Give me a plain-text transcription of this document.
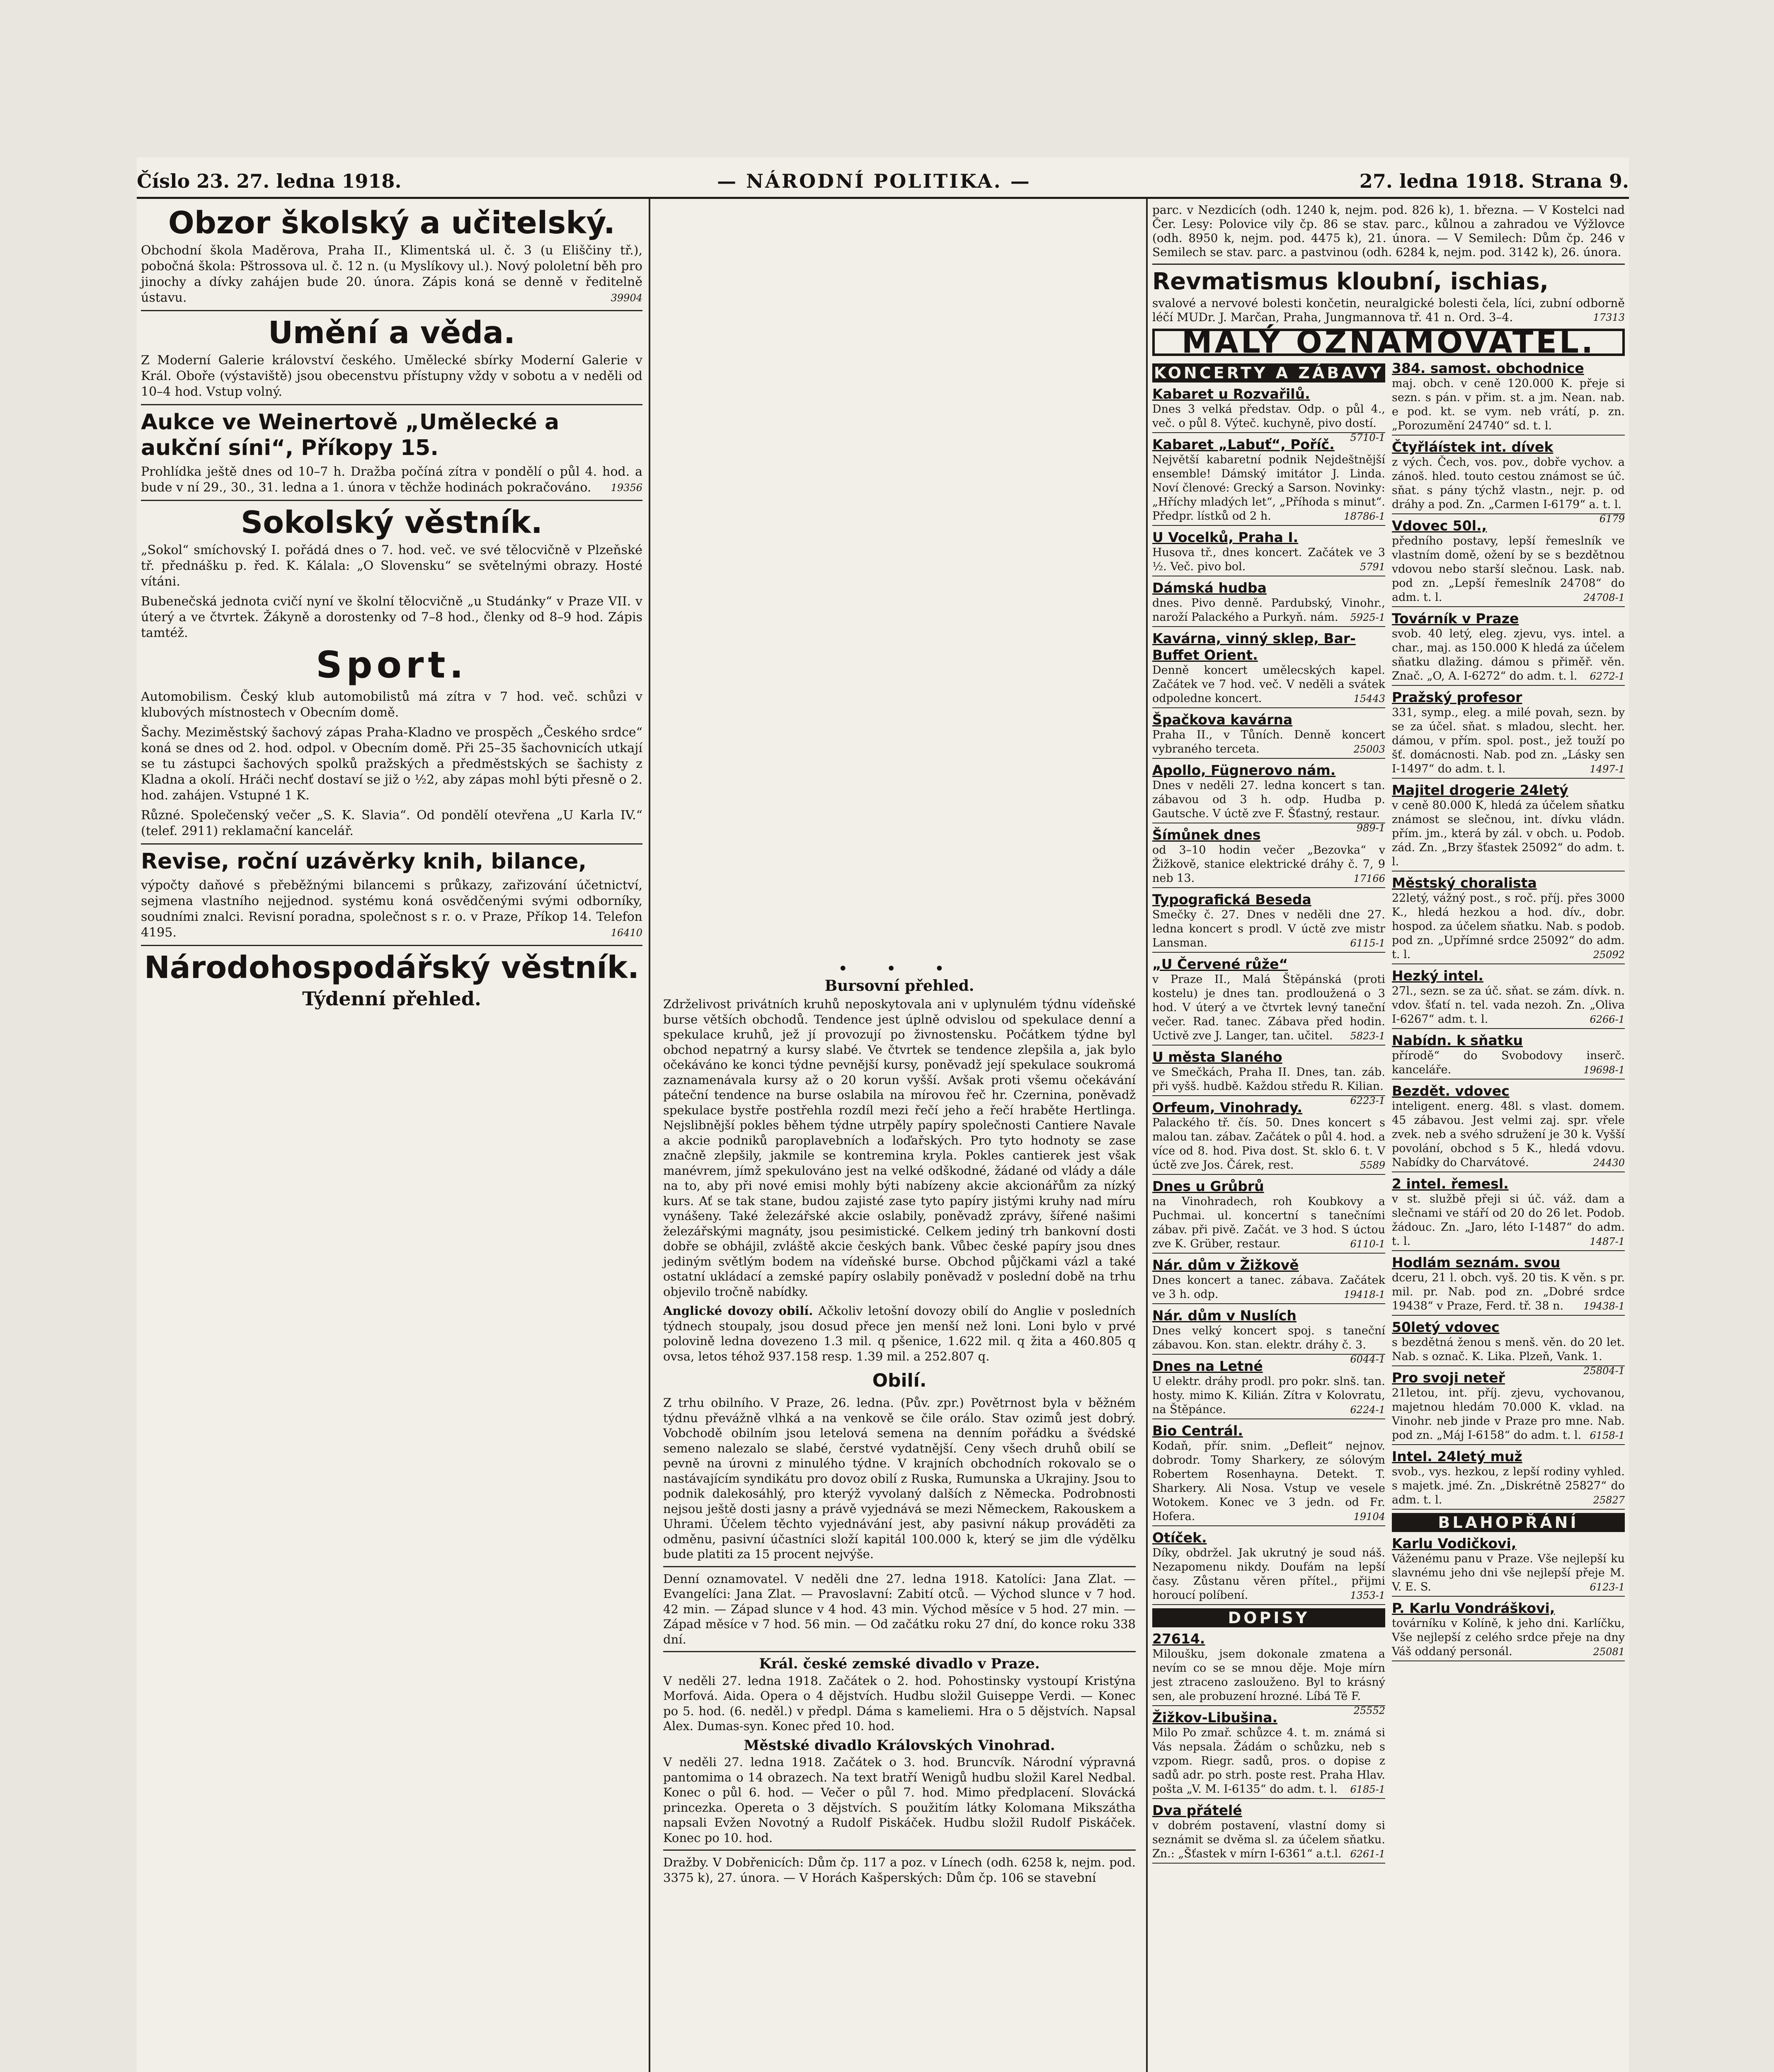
Číslo 23. 27. ledna 1918.	— NÁRODNÍ POLITIKA. —	27. ledna 1918. Strana 9.
Obzor školský a učitelský.

Obchodní škola Maděrova, Praha II., Klimentská ul. č. 3 (u Eliščiny tř.), pobočná škola: Pštrossova ul. č. 12 n. (u Myslíkovy ul.). Nový pololetní běh pro jinochy a dívky zahájen bude 20. února. Zápis koná se denně v ředitelně ústavu.	39904

Umění a věda.

Z Moderní Galerie království českého. Umělecké sbírky Moderní Galerie v Král. Oboře (výstaviště) jsou obecenstvu přístupny vždy v sobotu a v neděli od 10–4 hod. Vstup volný.

Aukce ve Weinertově „Umělecké a aukční síni“, Příkopy 15.

Prohlídka ještě dnes od 10–7 h. Dražba počíná zítra v pondělí o půl 4. hod. a bude v ní 29., 30., 31. ledna a 1. února v těchže hodinách pokračováno. 19356

Sokolský věstník.

„Sokol“ smíchovský I. pořádá dnes o 7. hod. več. ve své tělocvičně v Plzeňské tř. přednášku p. řed. K. Kálala: „O Slovensku“ se světelnými obrazy. Hosté vítáni.

Bubenečská jednota cvičí nyní ve školní tělocvičně „u Studánky“ v Praze VII. v úterý a ve čtvrtek. Žákyně a dorostenky od 7–8 hod., členky od 8–9 hod. Zápis tamtéž.

Sport.

Automobilism. Český klub automobilistů má zítra v 7 hod. več. schůzi v klubových místnostech v Obecním domě.

Šachy. Meziměstský šachový zápas Praha-Kladno ve prospěch „Českého srdce“ koná se dnes od 2. hod. odpol. v Obecním domě. Při 25–35 šachovnicích utkají se tu zástupci šachových spolků pražských a předměstských se šachisty z Kladna a okolí. Hráči nechť dostaví se již o ½2, aby zápas mohl býti přesně o 2. hod. zahájen. Vstupné 1 K.

Různé. Společenský večer „S. K. Slavia“. Od pondělí otevřena „U Karla IV.“ (telef. 2911) reklamační kancelář.

Revise, roční uzávěrky knih, bilance,

výpočty daňové s přeběžnými bilancemi s průkazy, zařizování účetnictví, sejmenа vlastního nejjednod. systému koná osvědčenými svými odborníky, soudními znalci. Revisní poradna, společnost s r. o. v Praze, Příkop 14. Telefon 4195.	16410

Národohospodářský věstník.
Týdenní přehled.
• • •
Bursovní přehled.

Zdrželivost privátních kruhů neposkytovala ani v uplynulém týdnu vídeňské burse větších obchodů. Tendence jest úplně odvislou od spekulace denní a spekulace kruhů, jež jí provozují po živnostensku. Počátkem týdne byl obchod nepatrný a kursy slabé. Ve čtvrtek se tendence zlepšila a, jak bylo očekáváno ke konci týdne pevnější kursy, poněvadž její spekulace soukromá zaznamenávala kursy až o 20 korun vyšší. Avšak proti všemu očekávání páteční tendence na burse oslabila na mírovou řeč hr. Czernina, poněvadž spekulace bystře postřehla rozdíl mezi řečí jeho a řečí hraběte Hertlinga. Nejslibnější pokles během týdne utrpěly papíry společnosti Cantiere Navale a akcie podniků paroplavebních a loďařských. Pro tyto hodnoty se zase značně zlepšily, jakmile se kontremina kryla. Pokles cantierek jest však manévrem, jímž spekulováno jest na velké odškodné, žádané od vlády a dále na to, aby při nové emisi mohly býti nabízeny akcie akcionářům za nízký kurs. Ať se tak stane, budou zajisté zase tyto papíry jistými kruhy nad míru vynášeny. Také železářské akcie oslabily, poněvadž zprávy, šířené našimi železářskými magnáty, jsou pesimistické. Celkem jediný trh bankovní dosti dobře se obhájil, zvláště akcie českých bank. Vůbec české papíry jsou dnes jediným světlým bodem na vídeňské burse. Obchod půjčkami vázl a také ostatní ukládací a zemské papíry oslabily poněvadž v poslední době na trhu objevilo tročně nabídky.

Anglické dovozy obilí. Ačkoliv letošní dovozy obilí do Anglie v posledních týdnech stoupaly, jsou dosud přece jen menší než loni. Loni bylo v prvé polovině ledna dovezeno 1.3 mil. q pšenice, 1.622 mil. q žita a 460.805 q ovsa, letos téhož 937.158 resp. 1.39 mil. a 252.807 q.

Obilí.

Z trhu obilního. V Praze, 26. ledna. (Pův. zpr.) Povětrnost byla v běžném týdnu převážně vlhká a na venkově se čile orálo. Stav ozimů jest dobrý. Vobchodě obilním jsou letelová semena na denním pořádku a švédské semeno nalezalo se slabé, čerstvé vydatnější. Ceny všech druhů obilí se pevně na úrovni z minulého týdne. V krajních obchodních rokovalo se o nastávajícím syndikátu pro dovoz obilí z Ruska, Rumunska a Ukrajiny. Jsou to podnik dalekosáhlý, pro kterýž vyvolaný dalších z Německa. Podrobnosti nejsou ještě dosti jasny a právě vyjednává se mezi Německem, Rakouskem a Uhrami. Účelem těchto vyjednávání jest, aby pasivní nákup prováděti za odměnu, pasivní účastníci složí kapitál 100.000 k, který se jim dle výdělku bude platiti za 15 procent nejvýše.

Denní oznamovatel. V neděli dne 27. ledna 1918. Katolíci: Jana Zlat. — Evangelíci: Jana Zlat. — Pravoslavní: Zabití otců. — Východ slunce v 7 hod. 42 min. — Západ slunce v 4 hod. 43 min. Východ měsíce v 5 hod. 27 min. — Západ měsíce v 7 hod. 56 min. — Od začátku roku 27 dní, do konce roku 338 dní.

Král. české zemské divadlo v Praze.

V neděli 27. ledna 1918. Začátek o 2. hod. Pohostinsky vystoupí Kristýna Morfová. Aida. Opera o 4 dějstvích. Hudbu složil Guiseppe Verdi. — Konec po 5. hod. (6. neděl.) v předpl. Dáma s kameliemi. Hra o 5 dějstvích. Napsal Alex. Dumas-syn. Konec před 10. hod.

Městské divadlo Královských Vinohrad.

V neděli 27. ledna 1918. Začátek o 3. hod. Bruncvík. Národní výpravná pantomima o 14 obrazech. Na text bratří Wenigů hudbu složil Karel Nedbal. Konec o půl 6. hod. — Večer o půl 7. hod. Mimo předplacení. Slovácká princezka. Opereta o 3 dějstvích. S použitím látky Kolomana Mikszátha napsali Evžen Novotný a Rudolf Piskáček. Hudbu složil Rudolf Piskáček. Konec po 10. hod.

Dražby. V Dobřenicích: Dům čp. 117 a poz. v Línech (odh. 6258 k, nejm. pod. 3375 k), 27. února. — V Horách Kašperských: Dům čp. 106 se stavební

parc. v Nezdicích (odh. 1240 k, nejm. pod. 826 k), 1. března. — V Kostelci nad Čer. Lesy: Polovice vily čp. 86 se stav. parc., kůlnou a zahradou ve Výžlovce (odh. 8950 k, nejm. pod. 4475 k), 21. února. — V Semilech: Dům čp. 246 v Semilech se stav. parc. a pastvinou (odh. 6284 k, nejm. pod. 3142 k), 26. února.

Revmatismus kloubní, ischias,

svalové a nervové bolesti končetin, neuralgické bolesti čela, líci, zubní odborně léčí MUDr. J. Marčan, Praha, Jungmannova tř. 41 n. Ord. 3–4.	17313

MALÝ OZNAMOVATEL.
KONCERTY A ZÁBAVY
Kabaret u Rozvařilů.
Dnes 3 velká představ. Odp. o půl 4., več. o půl 8. Výteč. kuchyně, pivo dostí.
5710-1
Kabaret „Labuť“, Poříč.
Největší kabaretní podnik Nejdeštnější ensemble! Dámský imitátor J. Linda. Noví členové: Grecký a Sarson. Novinky: „Hříchy mladých let“, „Příhoda s minut“. Předpr. lístků od 2 h.	18786-1
U Vocelků, Praha I.
Husova tř., dnes koncert. Začátek ve 3 ½. Več. pivo bol.	5791
Dámská hudba
dnes. Pivo denně. Pardubský, Vinohr., naroží Palackého a Purkyň. nám. 5925-1
Kavárna, vinný sklep, Bar-Buffet Orient.
Denně koncert umělecských kapel. Začátek ve 7 hod. več. V neděli a svátek odpoledne koncert.	15443
Špačkova kavárna
Praha II., v Tůních. Denně koncert vybraného terceta.	25003
Apollo, Fügnerovo nám.
Dnes v neděli 27. ledna koncert s tan. zábavou od 3 h. odp. Hudba p. Gautsche. V úctě zve F. Šťastný, restaur.
989-1
Šímůnek dnes
od 3–10 hodin večer „Bezovka“ v Žižkově, stanice elektrické dráhy č. 7, 9 neb 13.	17166
Typografická Beseda
Smečky č. 27. Dnes v neděli dne 27. ledna koncert s prodl. V úctě zve mistr Lansman.	6115-1
„U Červené růže“
v Praze II., Malá Štěpánská (proti kostelu) je dnes tan. prodloužená o 3 hod. V úterý a ve čtvrtek levný taneční večer. Rad. tanec. Zábava před hodin. Uctivě zve J. Langer, tan. učitel. 5823-1
U města Slaného
ve Smečkách, Praha II. Dnes, tan. záb. při vyšš. hudbě. Každou středu R. Kilian.
6223-1
Orfeum, Vinohrady.
Palackého tř. čís. 50. Dnes koncert s malou tan. zábav. Začátek o půl 4. hod. a více od 8. hod. Piva dost. St. sklo 6. t. V úctě zve Jos. Čárek, rest.	5589
Dnes u Grůbrů
na Vinohradech, roh Koubkovy a Puchmai. ul. koncertní s tanečními zábav. při pivě. Začát. ve 3 hod. S úctou zve K. Grüber, restaur.	6110-1
Nár. dům v Žižkově
Dnes koncert a tanec. zábava. Začátek ve 3 h. odp.	19418-1
Nár. dům v Nuslích
Dnes velký koncert spoj. s taneční zábavou. Kon. stan. elektr. dráhy č. 3.
6044-1
Dnes na Letné
U elektr. dráhy prodl. pro pokr. slnš. tan. hosty. mimo K. Kilián. Zítra v Kolovratu, na Štěpánce.	6224-1
Bio Centrál.
Kodaň, přír. snim. „Defleit“ nejnov. dobrodr. Tomy Sharkery, ze sólovým Robertem Rosenhayna. Detekt. T. Sharkery. Ali Nosa. Vstup ve vesele Wotokem. Konec ve 3 jedn. od Fr. Hofera.	19104
Otíček.
Díky, obdržel. Jak ukrutný je soud náš. Nezapomenu nikdy. Doufám na lepší časy. Zůstanu věren přítel., přijmi horoucí políbení.	1353-1
DOPISY
27614.
Miloušku, jsem dokonale zmatena a nevím co se se mnou děje. Moje mírn jest ztraceno zaslouženo. Byl to krásný sen, ale probuzení hrozné. Líbá Tě F.
25552
Žižkov-Libušina.
Milo Po zmař. schůzce 4. t. m. známá si Vás nepsala. Žádám o schůzku, neb s vzpom. Riegr. sadů, pros. o dopise z sadů adr. po strh. poste rest. Praha Hlav. pošta „V. M. I-6135“ do adm. t. l. 6185-1
Dva přátelé
v dobrém postavení, vlastní domy si seznámit se dvěma sl. za účelem sňatku. Zn.: „Šťastek v mírn I-6361“ a.t.l. 6261-1
384. samost. obchodnice
maj. obch. v ceně 120.000 K. přeje si sezn. s pán. v přim. st. a jm. Nean. nab. e pod. kt. se vym. neb vrátí, p. zn. „Porozumění 24740“ sd. t. l.
Čtyřláístek int. dívek
z vých. Čech, vos. pov., dobře vychov. a zánoš. hled. touto cestou známost se úč. sňat. s pány týchž vlastn., nejr. p. od dráhy a pod. Zn. „Carmen I-6179“ a. t. l.
6179
Vdovec 50l.,
předního postavy, lepší řemeslník ve vlastním domě, ožení by se s bezdětnou vdovou nebo starší slečnou. Lask. nab. pod zn. „Lepší řemeslník 24708“ do adm. t. l.	24708-1
Továrník v Praze
svob. 40 letý, eleg. zjevu, vys. intel. a char., maj. as 150.000 K hledá za účelem sňatku dlažing. dámou s přiměř. věn. Znač. „O, A. I-6272“ do adm. t. l. 6272-1
Pražský profesor
331, symp., eleg. a milé povah, sezn. by se za účel. sňat. s mladou, slecht. her. dámou, v přím. spol. post., jež touží po šť. domácnosti. Nab. pod zn. „Lásky sen I-1497“ do adm. t. l.	1497-1
Majitel drogerie 24letý
v ceně 80.000 K, hledá za účelem sňatku známost se slečnou, int. dívku vládn. přím. jm., která by zál. v obch. u. Podob. zád. Zn. „Brzy šťastek 25092“ do adm. t. l.
Městský choralista
22letý, vážný post., s roč. příj. přes 3000 K., hledá hezkou a hod. dív., dobr. hospod. za účelem sňatku. Nab. s podob. pod zn. „Upřímné srdce 25092“ do adm. t. l.	25092
Hezký intel.
27l., sezn. se za úč. sňat. se zám. dívk. n. vdov. šťatí n. tel. vada nezoh. Zn. „Oliva I-6267“ adm. t. l.	6266-1
Nabídn. k sňatku
přírodě“ do Svobodovy inserč. kanceláře.	19698-1
Bezdět. vdovec
inteligent. energ. 48l. s vlast. domem. 45 zábavou. Jest velmi zaj. spr. vřele zvek. neb a svého sdružení je 30 k. Vyšší povolání, obchod s 5 K., hledá vdovu. Nabídky do Charvátové.	24430
2 intel. řemesl.
v st. službě přeji si úč. váž. dam a slečnami ve stáří od 20 do 26 let. Podob. žádouc. Zn. „Jaro, léto I-1487“ do adm. t. l.	1487-1
Hodlám seznám. svou
dceru, 21 l. obch. vyš. 20 tis. K věn. s pr. mil. pr. Nab. pod zn. „Dobré srdce 19438“ v Praze, Ferd. tř. 38 n. 19438-1
50letý vdovec
s bezdětná ženou s menš. věn. do 20 let. Nab. s označ. K. Lika. Plzeň, Vank. 1.
25804-1
Pro svoji neteř
21letou, int. příj. zjevu, vychovanou, majetnou hledám 70.000 K. vklad. na Vinohr. neb jinde v Praze pro mne. Nab. pod zn. „Máj I-6158“ do adm. t. l. 6158-1
Intel. 24letý muž
svob., vys. hezkou, z lepší rodiny vyhled. s majetk. jmé. Zn. „Diskrétně 25827“ do adm. t. l.	25827
BLAHOPŘÁNÍ
Karlu Vodičkovi,
Váženému panu v Praze. Vše nejlepší ku slavnému jeho dni vše nejlepší přeje M. V. E. S.	6123-1
P. Karlu Vondráškovi,
továrníku v Kolíně, k jeho dni. Karlíčku, Vše nejlepší z celého srdce přeje na dny Váš oddaný personál.	25081
